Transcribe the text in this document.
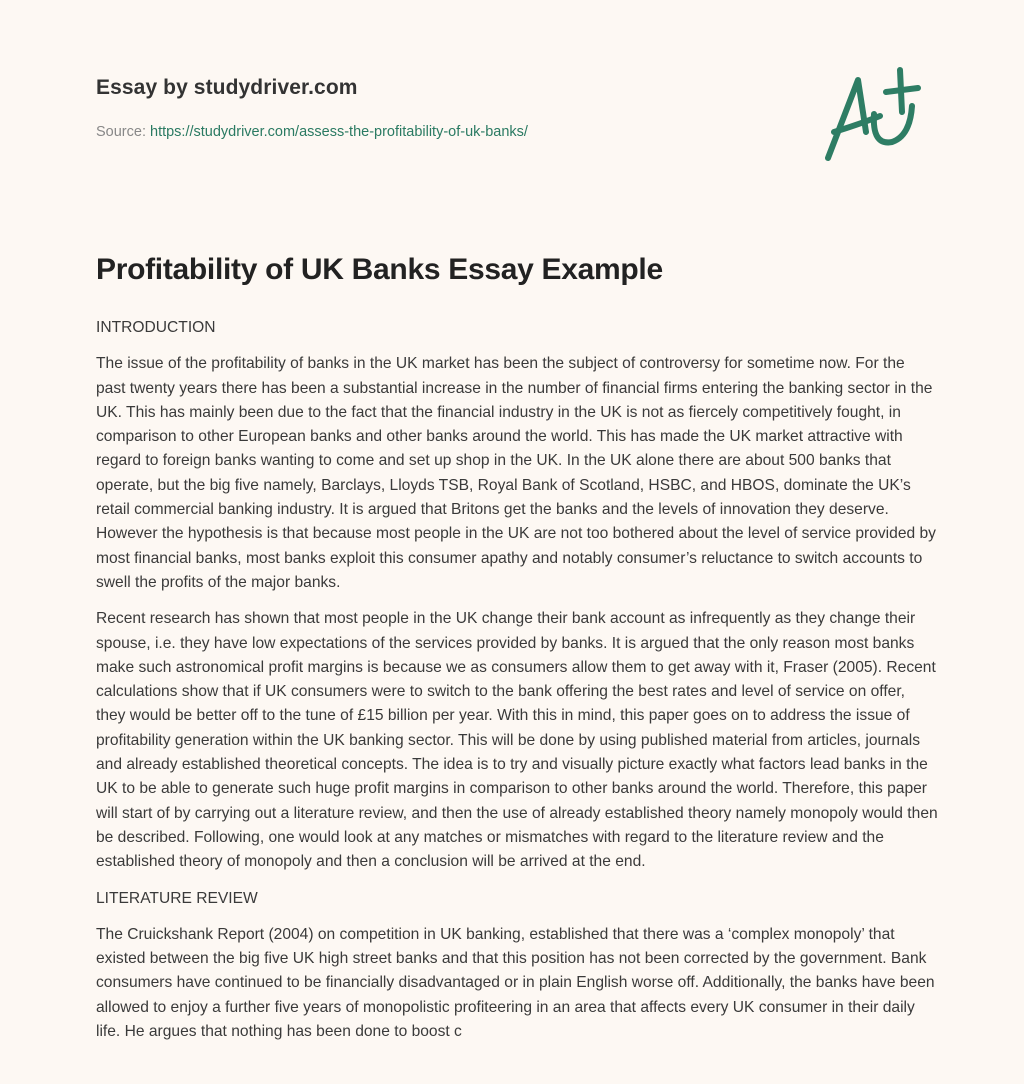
Essay by studydriver.com
Source: https://studydriver.com/assess-the-profitability-of-uk-banks/
Profitability of UK Banks Essay Example

INTRODUCTION

The issue of the profitability of banks in the UK market has been the subject of controversy for sometime now. For the past twenty years there has been a substantial increase in the number of financial firms entering the banking sector in the UK. This has mainly been due to the fact that the financial industry in the UK is not as fiercely competitively fought, in comparison to other European banks and other banks around the world. This has made the UK market attractive with regard to foreign banks wanting to come and set up shop in the UK. In the UK alone there are about 500 banks that operate, but the big five namely, Barclays, Lloyds TSB, Royal Bank of Scotland, HSBC, and HBOS, dominate the UK’s retail commercial banking industry. It is argued that Britons get the banks and the levels of innovation they deserve. However the hypothesis is that because most people in the UK are not too bothered about the level of service provided by most financial banks, most banks exploit this consumer apathy and notably consumer’s reluctance to switch accounts to swell the profits of the major banks.

Recent research has shown that most people in the UK change their bank account as infrequently as they change their spouse, i.e. they have low expectations of the services provided by banks. It is argued that the only reason most banks make such astronomical profit margins is because we as consumers allow them to get away with it, Fraser (2005). Recent calculations show that if UK consumers were to switch to the bank offering the best rates and level of service on offer, they would be better off to the tune of £15 billion per year. With this in mind, this paper goes on to address the issue of profitability generation within the UK banking sector. This will be done by using published material from articles, journals and already established theoretical concepts. The idea is to try and visually picture exactly what factors lead banks in the UK to be able to generate such huge profit margins in comparison to other banks around the world. Therefore, this paper will start of by carrying out a literature review, and then the use of already established theory namely monopoly would then be described. Following, one would look at any matches or mismatches with regard to the literature review and the established theory of monopoly and then a conclusion will be arrived at the end.

LITERATURE REVIEW

The Cruickshank Report (2004) on competition in UK banking, established that there was a ‘complex monopoly’ that existed between the big five UK high street banks and that this position has not been corrected by the government. Bank consumers have continued to be financially disadvantaged or in plain English worse off. Additionally, the banks have been allowed to enjoy a further five years of monopolistic profiteering in an area that affects every UK consumer in their daily life. He argues that nothing has been done to boost c
